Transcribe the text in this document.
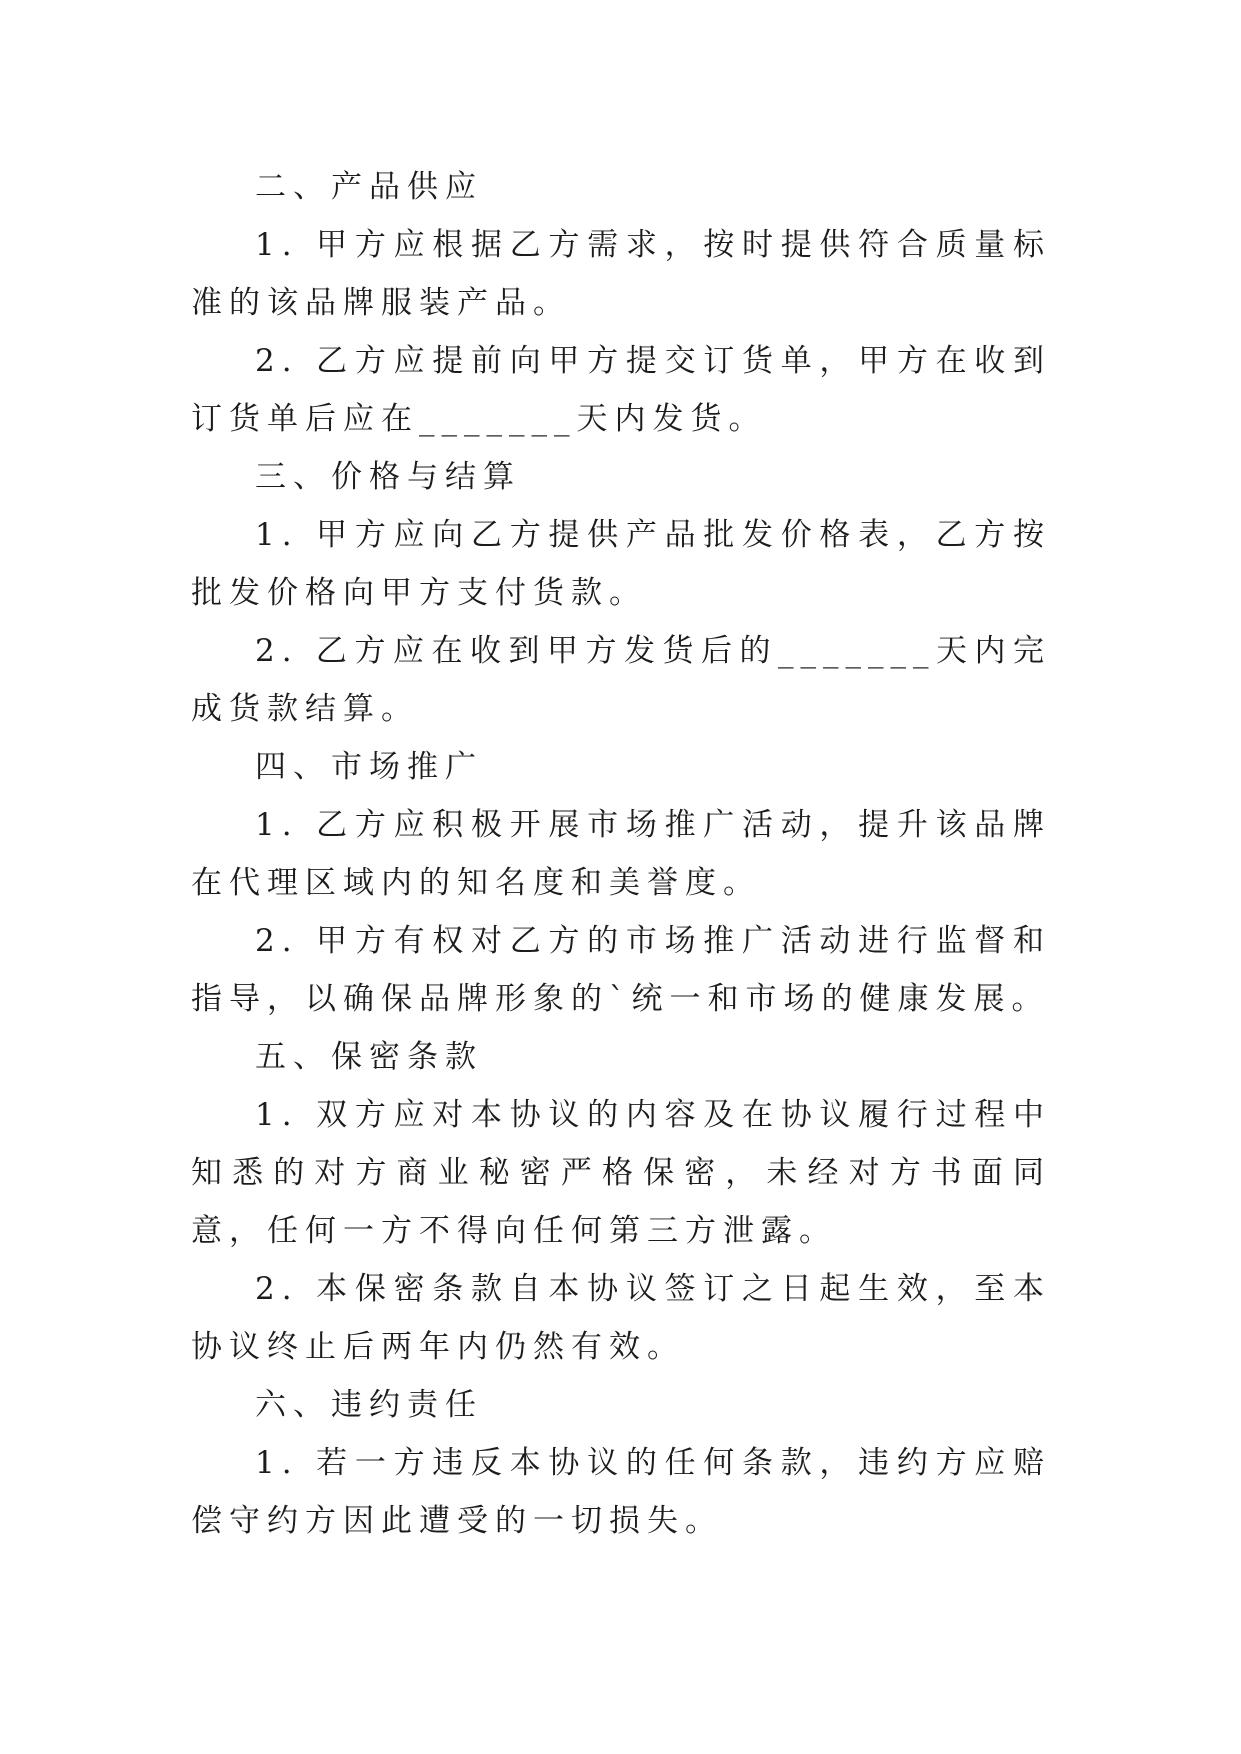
二、产品供应

1. 甲方应根据乙方需求，按时提供符合质量标准的该品牌服装产品。

2. 乙方应提前向甲方提交订货单，甲方在收到订货单后应在_______天内发货。

三、价格与结算

1. 甲方应向乙方提供产品批发价格表，乙方按批发价格向甲方支付货款。

2. 乙方应在收到甲方发货后的_______天内完成货款结算。

四、市场推广

1. 乙方应积极开展市场推广活动，提升该品牌在代理区域内的知名度和美誉度。

2. 甲方有权对乙方的市场推广活动进行监督和指导，以确保品牌形象的`统一和市场的健康发展。

五、保密条款

1. 双方应对本协议的内容及在协议履行过程中知悉的对方商业秘密严格保密，未经对方书面同意，任何一方不得向任何第三方泄露。

2. 本保密条款自本协议签订之日起生效，至本协议终止后两年内仍然有效。

六、违约责任

1. 若一方违反本协议的任何条款，违约方应赔偿守约方因此遭受的一切损失。
